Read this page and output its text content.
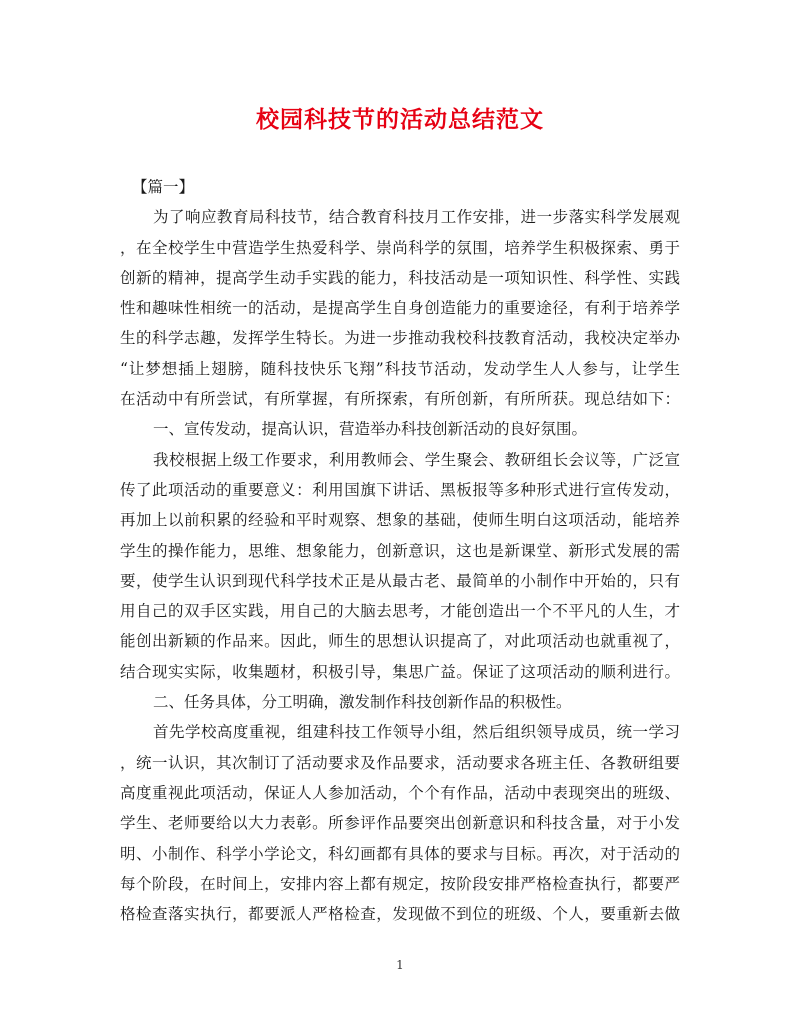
校园科技节的活动总结范文

【篇一】

为了响应教育局科技节，结合教育科技月工作安排，进一步落实科学发展观

，在全校学生中营造学生热爱科学、崇尚科学的氛围，培养学生积极探索、勇于

创新的精神，提高学生动手实践的能力，科技活动是一项知识性、科学性、实践

性和趣味性相统一的活动，是提高学生自身创造能力的重要途径，有利于培养学

生的科学志趣，发挥学生特长。为进一步推动我校科技教育活动，我校决定举办

“让梦想插上翅膀，随科技快乐飞翔”科技节活动，发动学生人人参与，让学生

在活动中有所尝试，有所掌握，有所探索，有所创新，有所所获。现总结如下：

一、宣传发动，提高认识，营造举办科技创新活动的良好氛围。

我校根据上级工作要求，利用教师会、学生聚会、教研组长会议等，广泛宣

传了此项活动的重要意义：利用国旗下讲话、黑板报等多种形式进行宣传发动，

再加上以前积累的经验和平时观察、想象的基础，使师生明白这项活动，能培养

学生的操作能力，思维、想象能力，创新意识，这也是新课堂、新形式发展的需

要，使学生认识到现代科学技术正是从最古老、最简单的小制作中开始的，只有

用自己的双手区实践，用自己的大脑去思考，才能创造出一个不平凡的人生，才

能创出新颖的作品来。因此，师生的思想认识提高了，对此项活动也就重视了，

结合现实实际，收集题材，积极引导，集思广益。保证了这项活动的顺利进行。

二、任务具体，分工明确，激发制作科技创新作品的积极性。

首先学校高度重视，组建科技工作领导小组，然后组织领导成员，统一学习

，统一认识，其次制订了活动要求及作品要求，活动要求各班主任、各教研组要

高度重视此项活动，保证人人参加活动，个个有作品，活动中表现突出的班级、

学生、老师要给以大力表彰。所参评作品要突出创新意识和科技含量，对于小发

明、小制作、科学小学论文，科幻画都有具体的要求与目标。再次，对于活动的

每个阶段，在时间上，安排内容上都有规定，按阶段安排严格检查执行，都要严

格检查落实执行，都要派人严格检查，发现做不到位的班级、个人，要重新去做

1
